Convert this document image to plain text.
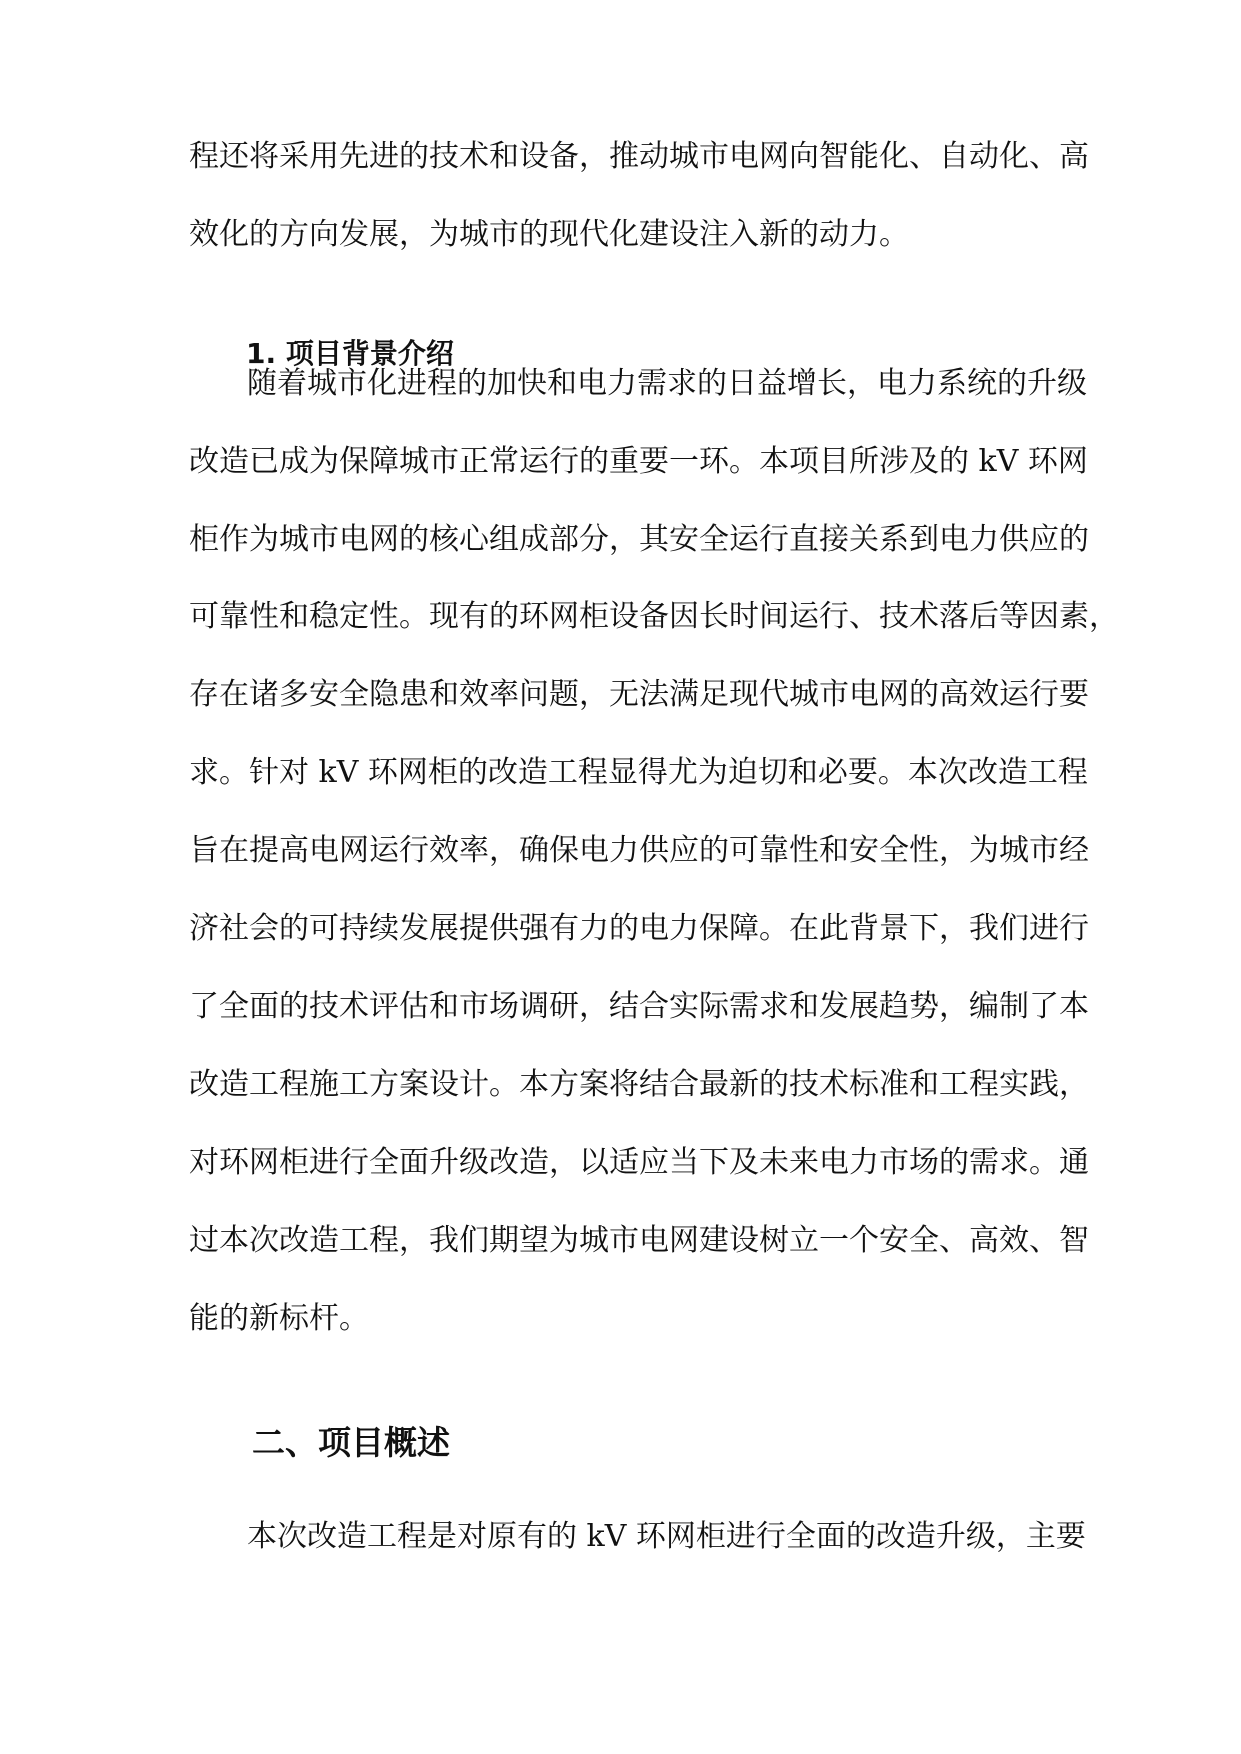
程还将采用先进的技术和设备，推动城市电网向智能化、自动化、高
效化的方向发展，为城市的现代化建设注入新的动力。
1. 项目背景介绍
随着城市化进程的加快和电力需求的日益增长，电力系统的升级
改造已成为保障城市正常运行的重要一环。本项目所涉及的 kV 环网
柜作为城市电网的核心组成部分，其安全运行直接关系到电力供应的
可靠性和稳定性。现有的环网柜设备因长时间运行、技术落后等因素，
存在诸多安全隐患和效率问题，无法满足现代城市电网的高效运行要
求。针对 kV 环网柜的改造工程显得尤为迫切和必要。本次改造工程
旨在提高电网运行效率，确保电力供应的可靠性和安全性，为城市经
济社会的可持续发展提供强有力的电力保障。在此背景下，我们进行
了全面的技术评估和市场调研，结合实际需求和发展趋势，编制了本
改造工程施工方案设计。本方案将结合最新的技术标准和工程实践，
对环网柜进行全面升级改造，以适应当下及未来电力市场的需求。通
过本次改造工程，我们期望为城市电网建设树立一个安全、高效、智
能的新标杆。
二、项目概述
本次改造工程是对原有的 kV 环网柜进行全面的改造升级，主要
